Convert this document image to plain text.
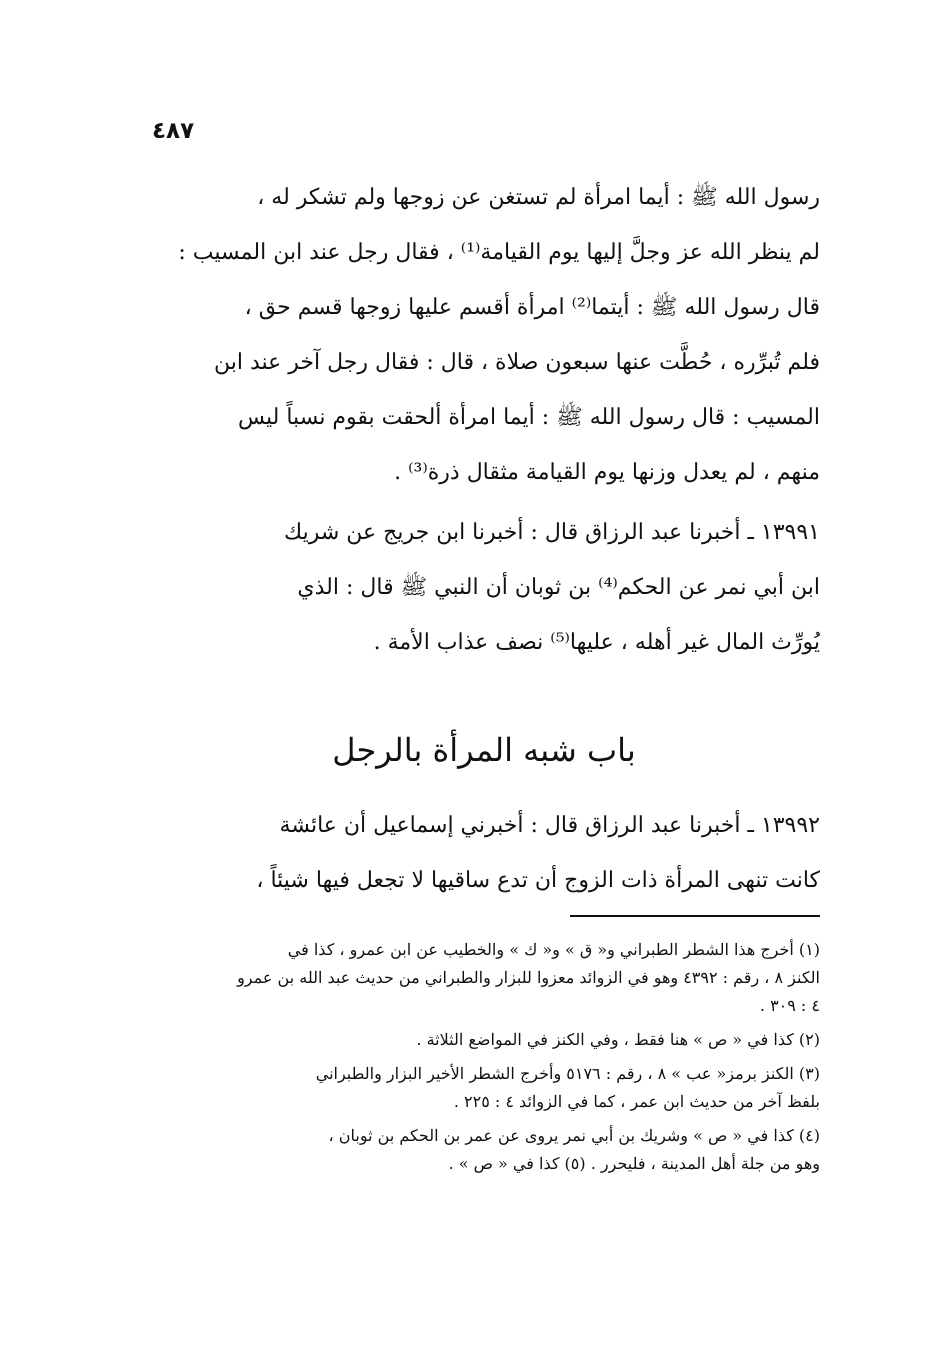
٤٨٧
رسول الله ﷺ : أيما امرأة لم تستغن عن زوجها ولم تشكر له ،
لم ينظر الله عز وجلَّ إليها يوم القيامة⁽¹⁾ ، فقال رجل عند ابن المسيب :
قال رسول الله ﷺ : أيتما⁽²⁾ امرأة أقسم عليها زوجها قسم حق ،
فلم تُبرِّره ، حُطَّت عنها سبعون صلاة ، قال : فقال رجل آخر عند ابن
المسيب : قال رسول الله ﷺ : أيما امرأة ألحقت بقوم نسباً ليس
منهم ، لم يعدل وزنها يوم القيامة مثقال ذرة⁽³⁾ .
١٣٩٩١ ـ أخبرنا عبد الرزاق قال : أخبرنا ابن جريج عن شريك
ابن أبي نمر عن الحكم⁽⁴⁾ بن ثوبان أن النبي ﷺ قال : الذي
يُورِّث المال غير أهله ، عليها⁽⁵⁾ نصف عذاب الأمة .
باب شبه المرأة بالرجل
١٣٩٩٢ ـ أخبرنا عبد الرزاق قال : أخبرني إسماعيل أن عائشة
كانت تنهى المرأة ذات الزوج أن تدع ساقيها لا تجعل فيها شيئاً ،
(١) أخرج هذا الشطر الطبراني و« ق » و« ك » والخطيب عن ابن عمرو ، كذا في
الكنز ٨ ، رقم : ٤٣٩٢ وهو في الزوائد معزوا للبزار والطبراني من حديث عبد الله بن عمرو
٤ : ٣٠٩ .
(٢) كذا في « ص » هنا فقط ، وفي الكنز في المواضع الثلاثة .
(٣) الكنز برمز« عب » ٨ ، رقم : ٥١٧٦ وأخرج الشطر الأخير البزار والطبراني
بلفظ آخر من حديث ابن عمر ، كما في الزوائد ٤ : ٢٢٥ .
(٤) كذا في « ص » وشريك بن أبي نمر يروى عن عمر بن الحكم بن ثوبان ،
وهو من جلة أهل المدينة ، فليحرر . (٥) كذا في « ص » .
